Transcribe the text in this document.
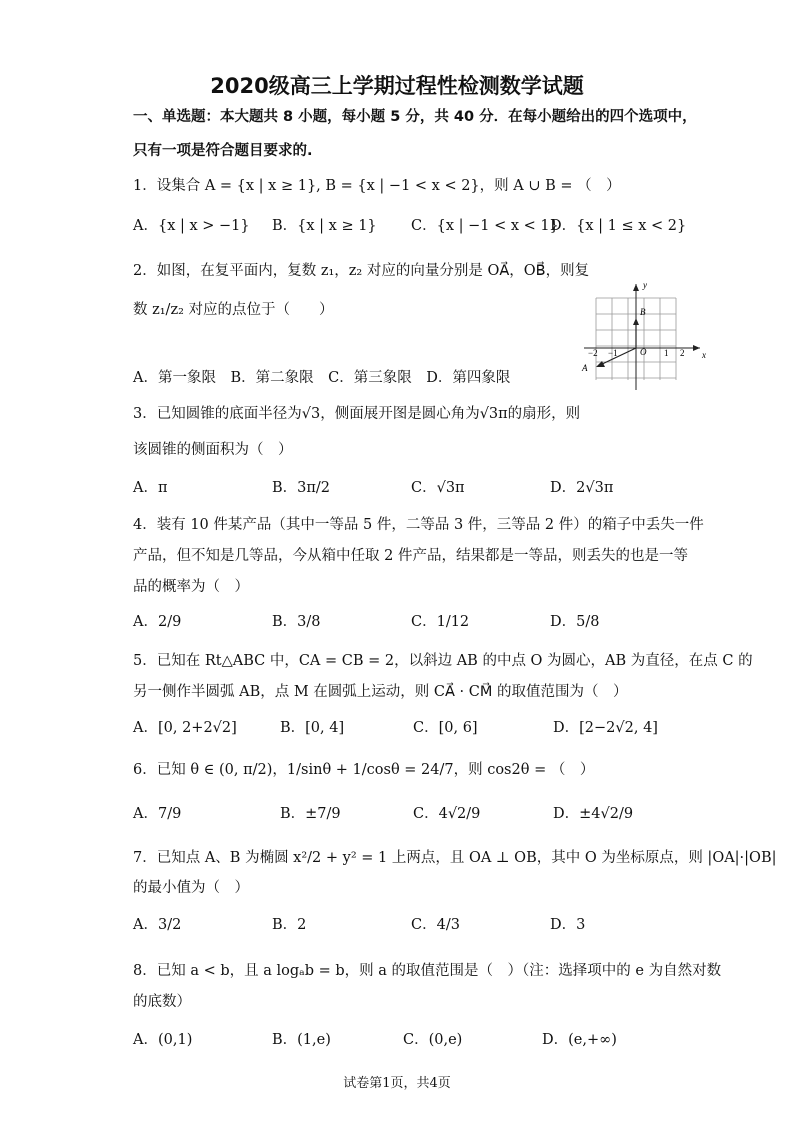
2020级高三上学期过程性检测数学试题
一、单选题：本大题共 8 小题，每小题 5 分，共 40 分．在每小题给出的四个选项中，
只有一项是符合题目要求的.
1．设集合 A = {x | x ≥ 1}, B = {x | −1 < x < 2}，则 A ∪ B = （　）
A．{x | x > −1} B．{x | x ≥ 1} C．{x | −1 < x < 1}
D．{x | 1 ≤ x < 2}
2．如图，在复平面内，复数 z₁，z₂ 对应的向量分别是 OA⃗，OB⃗，则复
数 z₁/z₂ 对应的点位于（　　）
A．第一象限　B．第二象限　C．第三象限　D．第四象限
y
x
B
A
O
−2 −1	1 2
3．已知圆锥的底面半径为√3，侧面展开图是圆心角为√3π的扇形，则
该圆锥的侧面积为（　）
A．π	B．3π/2	C．√3π	D．2√3π
4．装有 10 件某产品（其中一等品 5 件，二等品 3 件，三等品 2 件）的箱子中丢失一件
产品，但不知是几等品，今从箱中任取 2 件产品，结果都是一等品，则丢失的也是一等
品的概率为（　）
A．2/9	B．3/8	C．1/12	D．5/8
5．已知在 Rt△ABC 中，CA = CB = 2，以斜边 AB 的中点 O 为圆心，AB 为直径，在点 C 的
另一侧作半圆弧 AB，点 M 在圆弧上运动，则 CA⃗ · CM⃗ 的取值范围为（　）
A．[0, 2+2√2]	B．[0, 4]	C．[0, 6]	D．[2−2√2, 4]
6．已知 θ ∈ (0, π/2)，1/sinθ + 1/cosθ = 24/7，则 cos2θ = （　）
A．7/9	B．±7/9	C．4√2/9	D．±4√2/9
7．已知点 A、B 为椭圆 x²/2 + y² = 1 上两点，且 OA ⊥ OB，其中 O 为坐标原点，则 |OA|·|OB|
的最小值为（　）
A．3/2	B．2	C．4/3	D．3
8．已知 a < b，且 a logₐb = b，则 a 的取值范围是（　）（注：选择项中的 e 为自然对数
的底数）
A．(0,1)	B．(1,e)	C．(0,e)	D．(e,+∞)
试卷第1页，共4页
